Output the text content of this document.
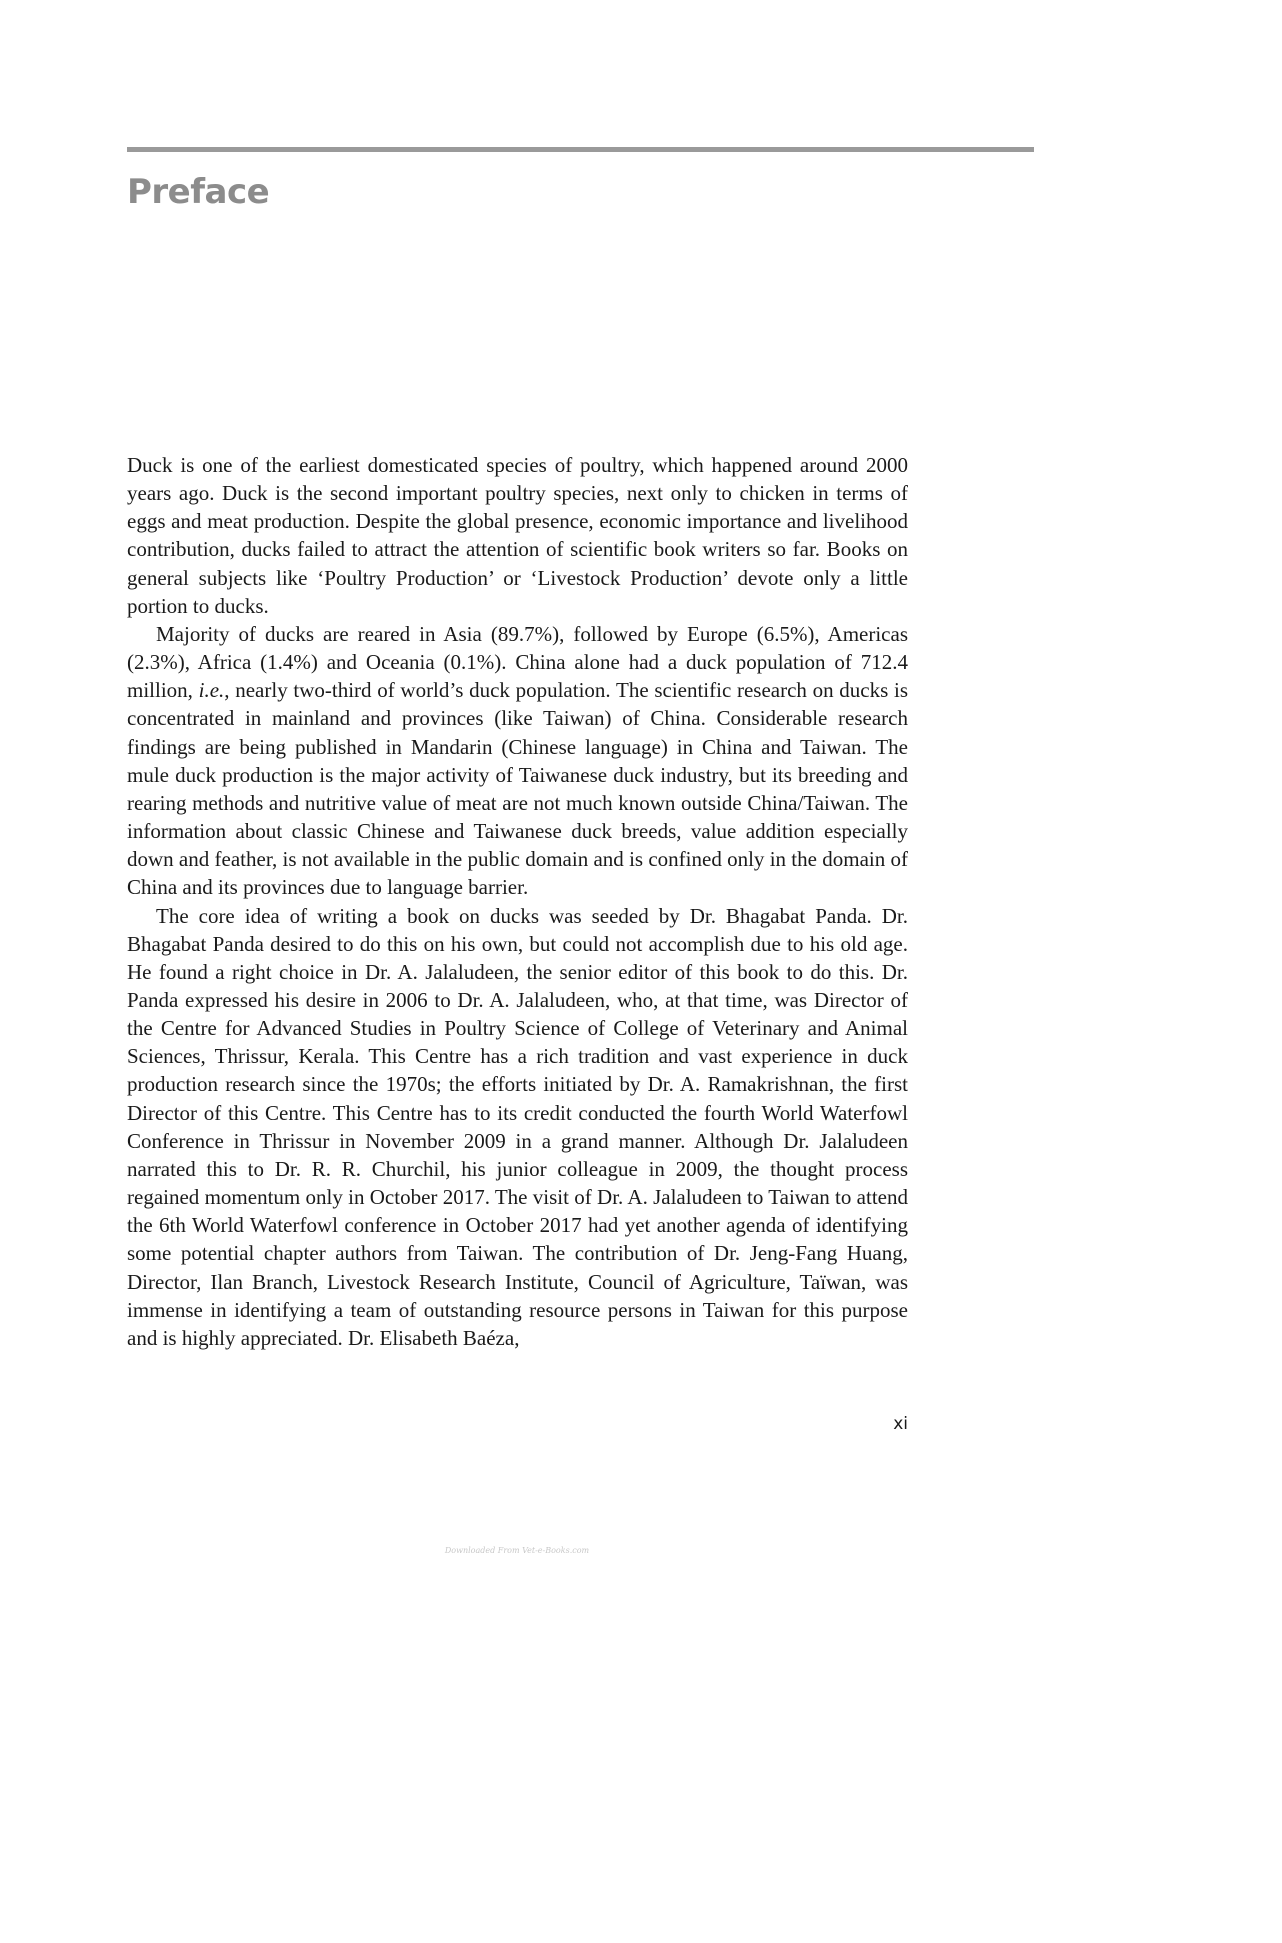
Preface

Duck is one of the earliest domesticated species of poultry, which happened around 2000 years ago. Duck is the second important poultry species, next only to chicken in terms of eggs and meat production. Despite the global presence, economic importance and livelihood contribution, ducks failed to attract the attention of scientific book writers so far. Books on general subjects like ‘Poultry Production’ or ‘Livestock Production’ devote only a little portion to ducks.

Majority of ducks are reared in Asia (89.7%), followed by Europe (6.5%), Americas (2.3%), Africa (1.4%) and Oceania (0.1%). China alone had a duck population of 712.4 million, i.e., nearly two-third of world’s duck population. The scientific research on ducks is concentrated in mainland and provinces (like Taiwan) of China. Considerable research findings are being published in Mandarin (Chinese language) in China and Taiwan. The mule duck production is the major activity of Taiwanese duck industry, but its breeding and rearing methods and nutritive value of meat are not much known outside China/Taiwan. The information about classic Chinese and Taiwanese duck breeds, value addition especially down and feather, is not available in the public domain and is confined only in the domain of China and its provinces due to language barrier.

The core idea of writing a book on ducks was seeded by Dr. Bhagabat Panda. Dr. Bhagabat Panda desired to do this on his own, but could not accomplish due to his old age. He found a right choice in Dr. A. Jalaludeen, the senior editor of this book to do this. Dr. Panda expressed his desire in 2006 to Dr. A. Jalaludeen, who, at that time, was Director of the Centre for Advanced Studies in Poultry Science of College of Veterinary and Animal Sciences, Thrissur, Kerala. This Centre has a rich tradition and vast experience in duck production research since the 1970s; the efforts initiated by Dr. A. Ramakrishnan, the first Director of this Centre. This Centre has to its credit conducted the fourth World Waterfowl Conference in Thrissur in November 2009 in a grand manner. Although Dr. Jalaludeen narrated this to Dr. R. R. Churchil, his junior colleague in 2009, the thought process regained momentum only in October 2017. The visit of Dr. A. Jalaludeen to Taiwan to attend the 6th World Waterfowl conference in October 2017 had yet another agenda of identifying some potential chapter authors from Taiwan. The contribution of Dr. Jeng-Fang Huang, Director, Ilan Branch, Livestock Research Institute, Council of Agriculture, Taïwan, was immense in identifying a team of outstanding resource persons in Taiwan for this purpose and is highly appreciated. Dr. Elisabeth Baéza,

xi
Downloaded From Vet-e-Books.com
